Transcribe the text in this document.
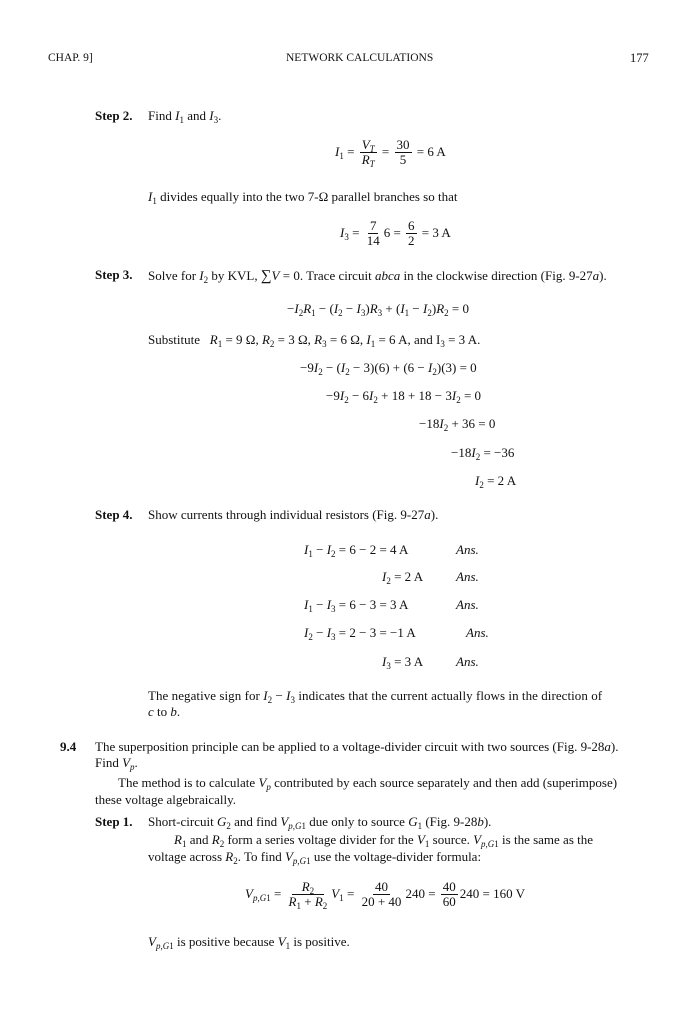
CHAP. 9]	NETWORK CALCULATIONS	177
Step 2. Find $I_1$ and $I_3$.
$I_1 = \frac{V_T}{R_T} = \frac{30}{5} = 6$ A
$I_1$ divides equally into the two 7-Ω parallel branches so that
$I_3 = \frac{7}{14} 6 = \frac{6}{2} = 3$ A
Step 3. Solve for $I_2$ by KVL, ∑V = 0. Trace circuit abca in the clockwise direction (Fig. 9-27a).
$-I_2R_1 - (I_2 - I_3)R_3 + (I_1 - I_2)R_2 = 0$
Substitute $R_1 = 9$ Ω, $R_2 = 3$ Ω, $R_3 = 6$ Ω, $I_1 = 6$ A, and $I_3 = 3$ A.
$-9I_2 - (I_2 - 3)(6) + (6 - I_2)(3) = 0$
$-9I_2 - 6I_2 + 18 + 18 - 3I_2 = 0$
$-18I_2 + 36 = 0$
$-18I_2 = -36$
$I_2 = 2$ A
Step 4. Show currents through individual resistors (Fig. 9-27a).
$I_1 - I_2 = 6 - 2 = 4$ A	Ans.
$I_2 = 2$ A	Ans.
$I_1 - I_3 = 6 - 3 = 3$ A	Ans.
$I_2 - I_3 = 2 - 3 = -1$ A	Ans.
$I_3 = 3$ A	Ans.
The negative sign for $I_2 - I_3$ indicates that the current actually flows in the direction of
c to b.
9.4 The superposition principle can be applied to a voltage-divider circuit with two sources (Fig. 9-28a).
Find $V_p$.
The method is to calculate $V_p$ contributed by each source separately and then add (superimpose)
these voltage algebraically.
Step 1. Short-circuit $G_2$ and find $V_{p,G1}$ due only to source $G_1$ (Fig. 9-28b).
$R_1$ and $R_2$ form a series voltage divider for the $V_1$ source. $V_{p,G1}$ is the same as the
voltage across $R_2$. To find $V_{p,G1}$ use the voltage-divider formula:
$V_{p,G1} = \frac{R_2}{R_1 + R_2} V_1 = \frac{40}{20 + 40} 240 = \frac{40}{60} 240 = 160$ V
$V_{p,G1}$ is positive because $V_1$ is positive.
